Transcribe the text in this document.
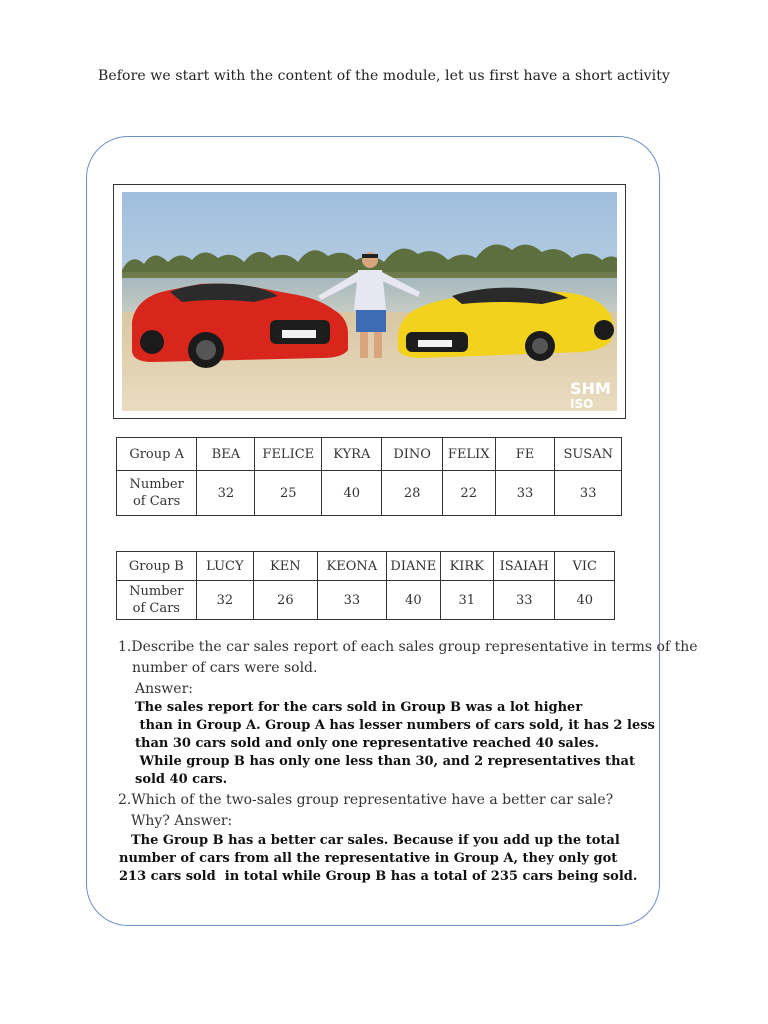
Before we start with the content of the module, let us first have a short activity
SHM
ISO
Group A	BEA	FELICE	KYRA	DINO	FELIX	FE	SUSAN
Number
of Cars	32	25	40	28	22	33	33
Group B	LUCY	KEN	KEONA	DIANE	KIRK	ISAIAH	VIC
Number
of Cars	32	26	33	40	31	33	40
1.Describe the car sales report of each sales group representative in terms of the
number of cars were sold.
Answer:
The sales report for the cars sold in Group B was a lot higher
than in Group A. Group A has lesser numbers of cars sold, it has 2 less
than 30 cars sold and only one representative reached 40 sales.
While group B has only one less than 30, and 2 representatives that
sold 40 cars.
2.Which of the two-sales group representative have a better car sale?
Why? Answer:
The Group B has a better car sales. Because if you add up the total
number of cars from all the representative in Group A, they only got
213 cars sold  in total while Group B has a total of 235 cars being sold.
